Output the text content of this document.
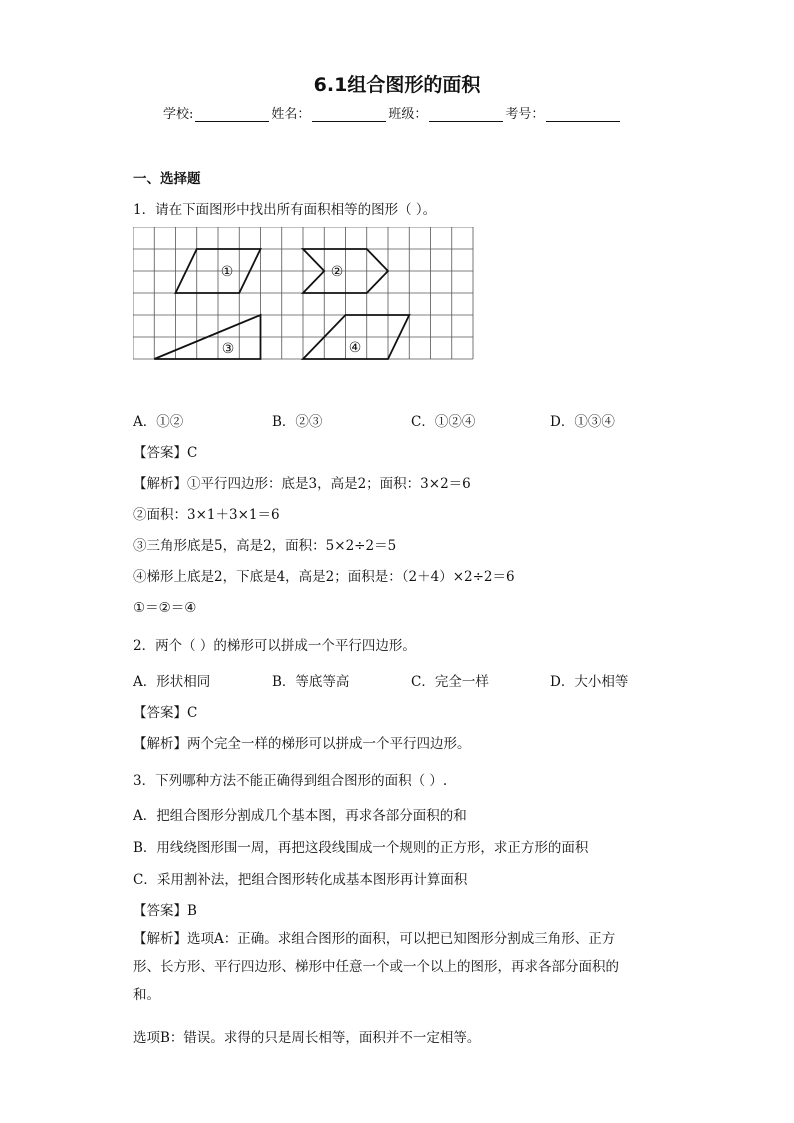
6.1组合图形的面积
学校:	姓名：	班级：	考号：
一、选择题
1．请在下面图形中找出所有面积相等的图形（ ）。
①	②
③	④
A．①②	B．②③	C．①②④	D．①③④
【答案】C
【解析】①平行四边形：底是3，高是2；面积：3×2＝6
②面积：3×1＋3×1＝6
③三角形底是5，高是2，面积：5×2÷2＝5
④梯形上底是2，下底是4，高是2；面积是：（2＋4）×2÷2＝6
①＝②＝④
2．两个（ ）的梯形可以拼成一个平行四边形。
A．形状相同	B．等底等高	C．完全一样	D．大小相等
【答案】C
【解析】两个完全一样的梯形可以拼成一个平行四边形。
3．下列哪种方法不能正确得到组合图形的面积（ ）.
A．把组合图形分割成几个基本图，再求各部分面积的和
B．用线绕图形围一周，再把这段线围成一个规则的正方形，求正方形的面积
C．采用割补法，把组合图形转化成基本图形再计算面积
【答案】B
【解析】选项A：正确。求组合图形的面积，可以把已知图形分割成三角形、正方形、长方形、平行四边形、梯形中任意一个或一个以上的图形，再求各部分面积的和。
选项B：错误。求得的只是周长相等，面积并不一定相等。
